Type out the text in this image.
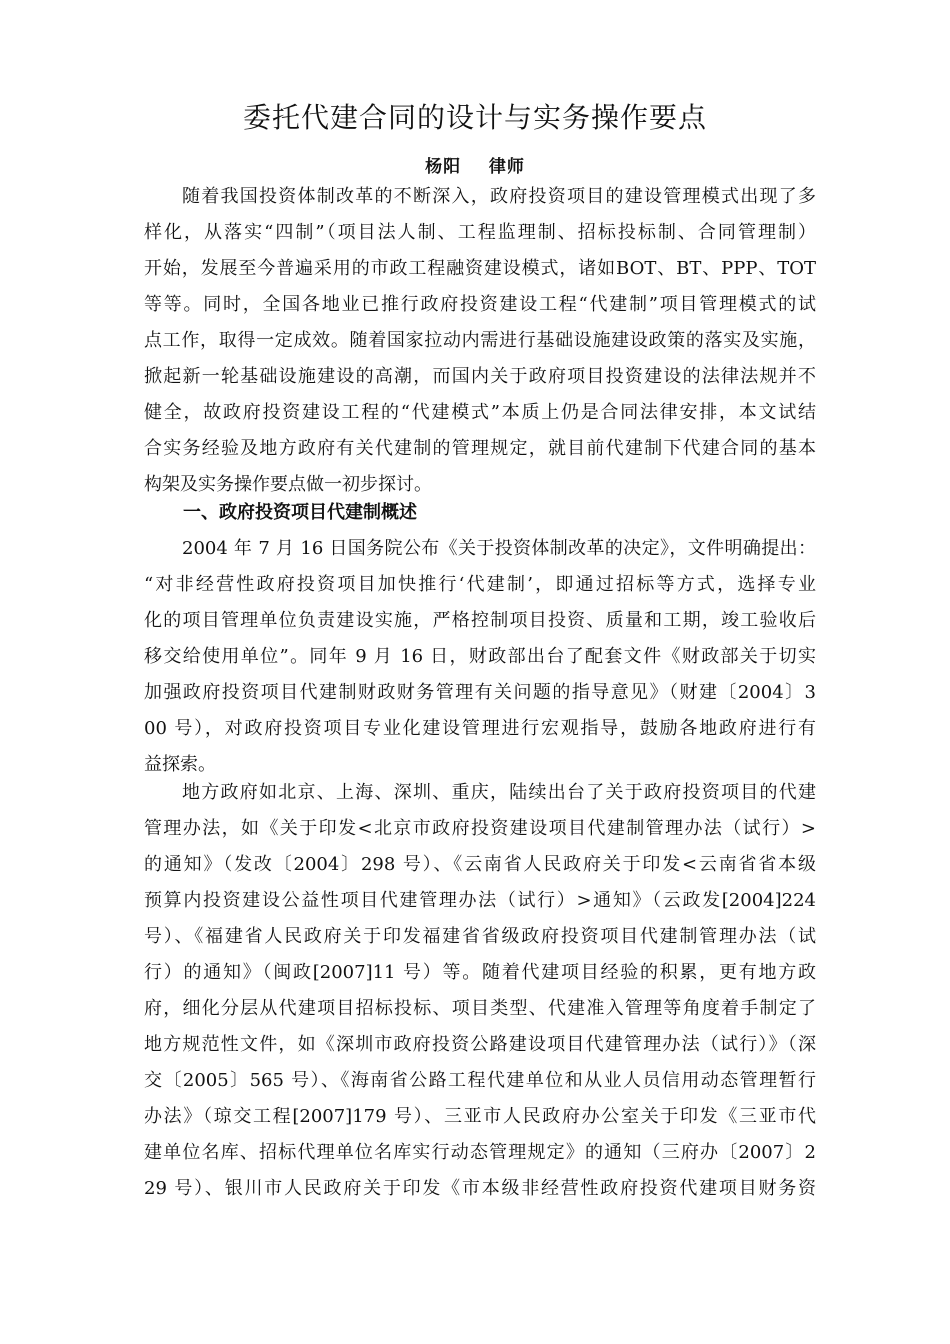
委托代建合同的设计与实务操作要点
杨阳    律师
随着我国投资体制改革的不断深入，政府投资项目的建设管理模式出现了多
样化，从落实“四制”（项目法人制、工程监理制、招标投标制、合同管理制）
开始，发展至今普遍采用的市政工程融资建设模式，诸如BOT、BT、PPP、TOT
等等。同时，全国各地业已推行政府投资建设工程“代建制”项目管理模式的试
点工作，取得一定成效。随着国家拉动内需进行基础设施建设政策的落实及实施，
掀起新一轮基础设施建设的高潮，而国内关于政府项目投资建设的法律法规并不
健全，故政府投资建设工程的“代建模式”本质上仍是合同法律安排，本文试结
合实务经验及地方政府有关代建制的管理规定，就目前代建制下代建合同的基本
构架及实务操作要点做一初步探讨。
一、政府投资项目代建制概述
2004 年 7 月 16 日国务院公布《关于投资体制改革的决定》，文件明确提出：
“对非经营性政府投资项目加快推行‘代建制’，即通过招标等方式，选择专业
化的项目管理单位负责建设实施，严格控制项目投资、质量和工期，竣工验收后
移交给使用单位”。同年 9 月 16 日，财政部出台了配套文件《财政部关于切实
加强政府投资项目代建制财政财务管理有关问题的指导意见》（财建〔2004〕3
00 号），对政府投资项目专业化建设管理进行宏观指导，鼓励各地政府进行有
益探索。
地方政府如北京、上海、深圳、重庆，陆续出台了关于政府投资项目的代建
管理办法，如《关于印发<北京市政府投资建设项目代建制管理办法（试行）>
的通知》（发改〔2004〕298 号）、《云南省人民政府关于印发<云南省省本级
预算内投资建设公益性项目代建管理办法（试行）>通知》（云政发[2004]224
号）、《福建省人民政府关于印发福建省省级政府投资项目代建制管理办法（试
行）的通知》（闽政[2007]11 号）等。随着代建项目经验的积累，更有地方政
府，细化分层从代建项目招标投标、项目类型、代建准入管理等角度着手制定了
地方规范性文件，如《深圳市政府投资公路建设项目代建管理办法（试行）》（深
交〔2005〕565 号）、《海南省公路工程代建单位和从业人员信用动态管理暂行
办法》（琼交工程[2007]179 号）、三亚市人民政府办公室关于印发《三亚市代
建单位名库、招标代理单位名库实行动态管理规定》的通知（三府办〔2007〕2
29 号）、银川市人民政府关于印发《市本级非经营性政府投资代建项目财务资
